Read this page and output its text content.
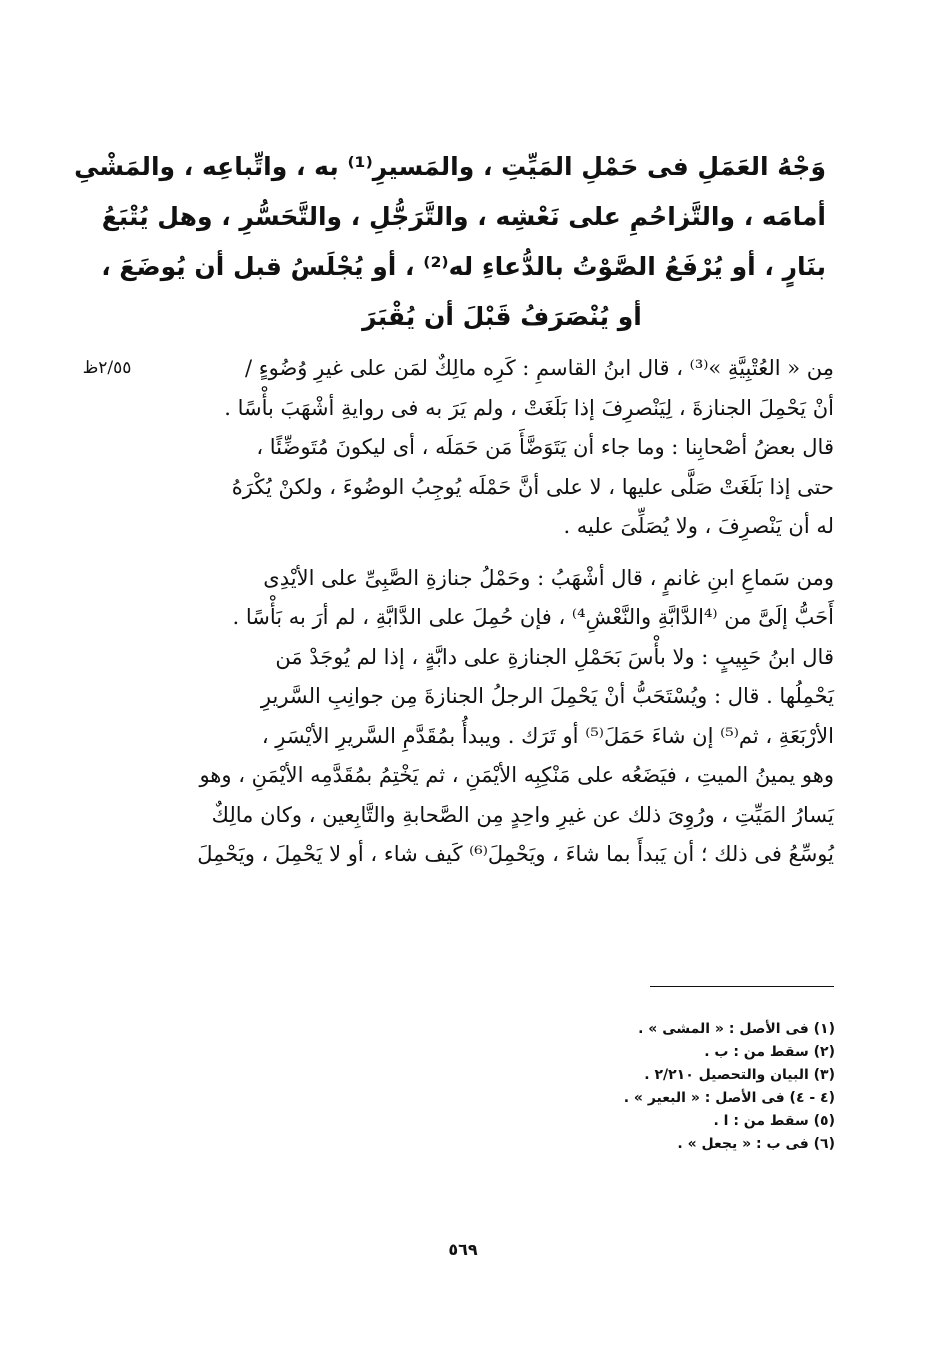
وَجْهُ العَمَلِ فى حَمْلِ المَيِّتِ ، والمَسيرِ⁽¹⁾ به ، واتِّباعِه ، والمَشْىِ
أمامَه ، والتَّزاحُمِ على نَعْشِه ، والتَّرَجُّلِ ، والتَّحَسُّرِ ، وهل يُتْبَعُ
بنَارٍ ، أو يُرْفَعُ الصَّوْتُ بالدُّعاءِ له⁽²⁾ ، أو يُجْلَسُ قبل أن يُوضَعَ ،
أو يُنْصَرَفُ قَبْلَ أن يُقْبَرَ
٢/٥٥ظ	مِن « العُتْبِيَّةِ »⁽³⁾ ، قال ابنُ القاسمِ : كَرِه مالِكٌ لمَن على غيرِ وُضُوءٍ /
أنْ يَحْمِلَ الجنازةَ ، لِيَنْصرِفَ إذا بَلَغَتْ ، ولم يَرَ به فى روايةِ أشْهَبَ بأْسًا .
قال بعضُ أصْحابِنا : وما جاء أن يَتَوَضَّأَ مَن حَمَلَه ، أى ليكونَ مُتَوضِّئًا ،
حتى إذا بَلَغَتْ صَلَّى عليها ، لا على أنَّ حَمْلَه يُوجِبُ الوضُوءَ ، ولكنْ يُكْرَهُ
له أن يَنْصرِفَ ، ولا يُصَلِّىَ عليه .
ومن سَماعِ ابنِ غانمٍ ، قال أشْهَبُ : وحَمْلُ جنازةِ الصَّبِىِّ على الأيْدِى
أَحَبُّ إلَىَّ من ⁽⁴الدَّابَّةِ والنَّعْشِ⁴⁾ ، فإن حُمِلَ على الدَّابَّةِ ، لم أرَ به بَأْسًا .
قال ابنُ حَبِيبٍ : ولا بأْسَ بَحَمْلِ الجنازةِ على دابَّةٍ ، إذا لم يُوجَدْ مَن
يَحْمِلُها . قال : ويُسْتَحَبُّ أنْ يَحْمِلَ الرجلُ الجنازةَ مِن جوانِبِ السَّريرِ
الأرْبَعَةِ ، ثم⁽⁵⁾ إن شاءَ حَمَلَ⁽⁵⁾ أو تَرَك . ويبدأُ بمُقَدَّمِ السَّريرِ الأيْسَرِ ،
وهو يمينُ الميتِ ، فيَضَعُه على مَنْكِبِه الأيْمَنِ ، ثم يَخْتِمُ بمُقَدَّمِه الأيْمَنِ ، وهو
يَسارُ المَيِّتِ ، ورُوِىَ ذلك عن غيرِ واحِدٍ مِن الصَّحابةِ والتَّابِعين ، وكان مالِكٌ
يُوسِّعُ فى ذلك ؛ أن يَبدأَ بما شاءَ ، ويَحْمِلَ⁽⁶⁾ كَيف شاء ، أو لا يَحْمِلَ ، ويَحْمِلَ
(١) فى الأصل : « المشى » .
(٢) سقط من : ب .
(٣) البيان والتحصيل ٢/٢١٠ .
(٤ - ٤) فى الأصل : « البعير » .
(٥) سقط من : ا .
(٦) فى ب : « يجعل » .
٥٦٩
